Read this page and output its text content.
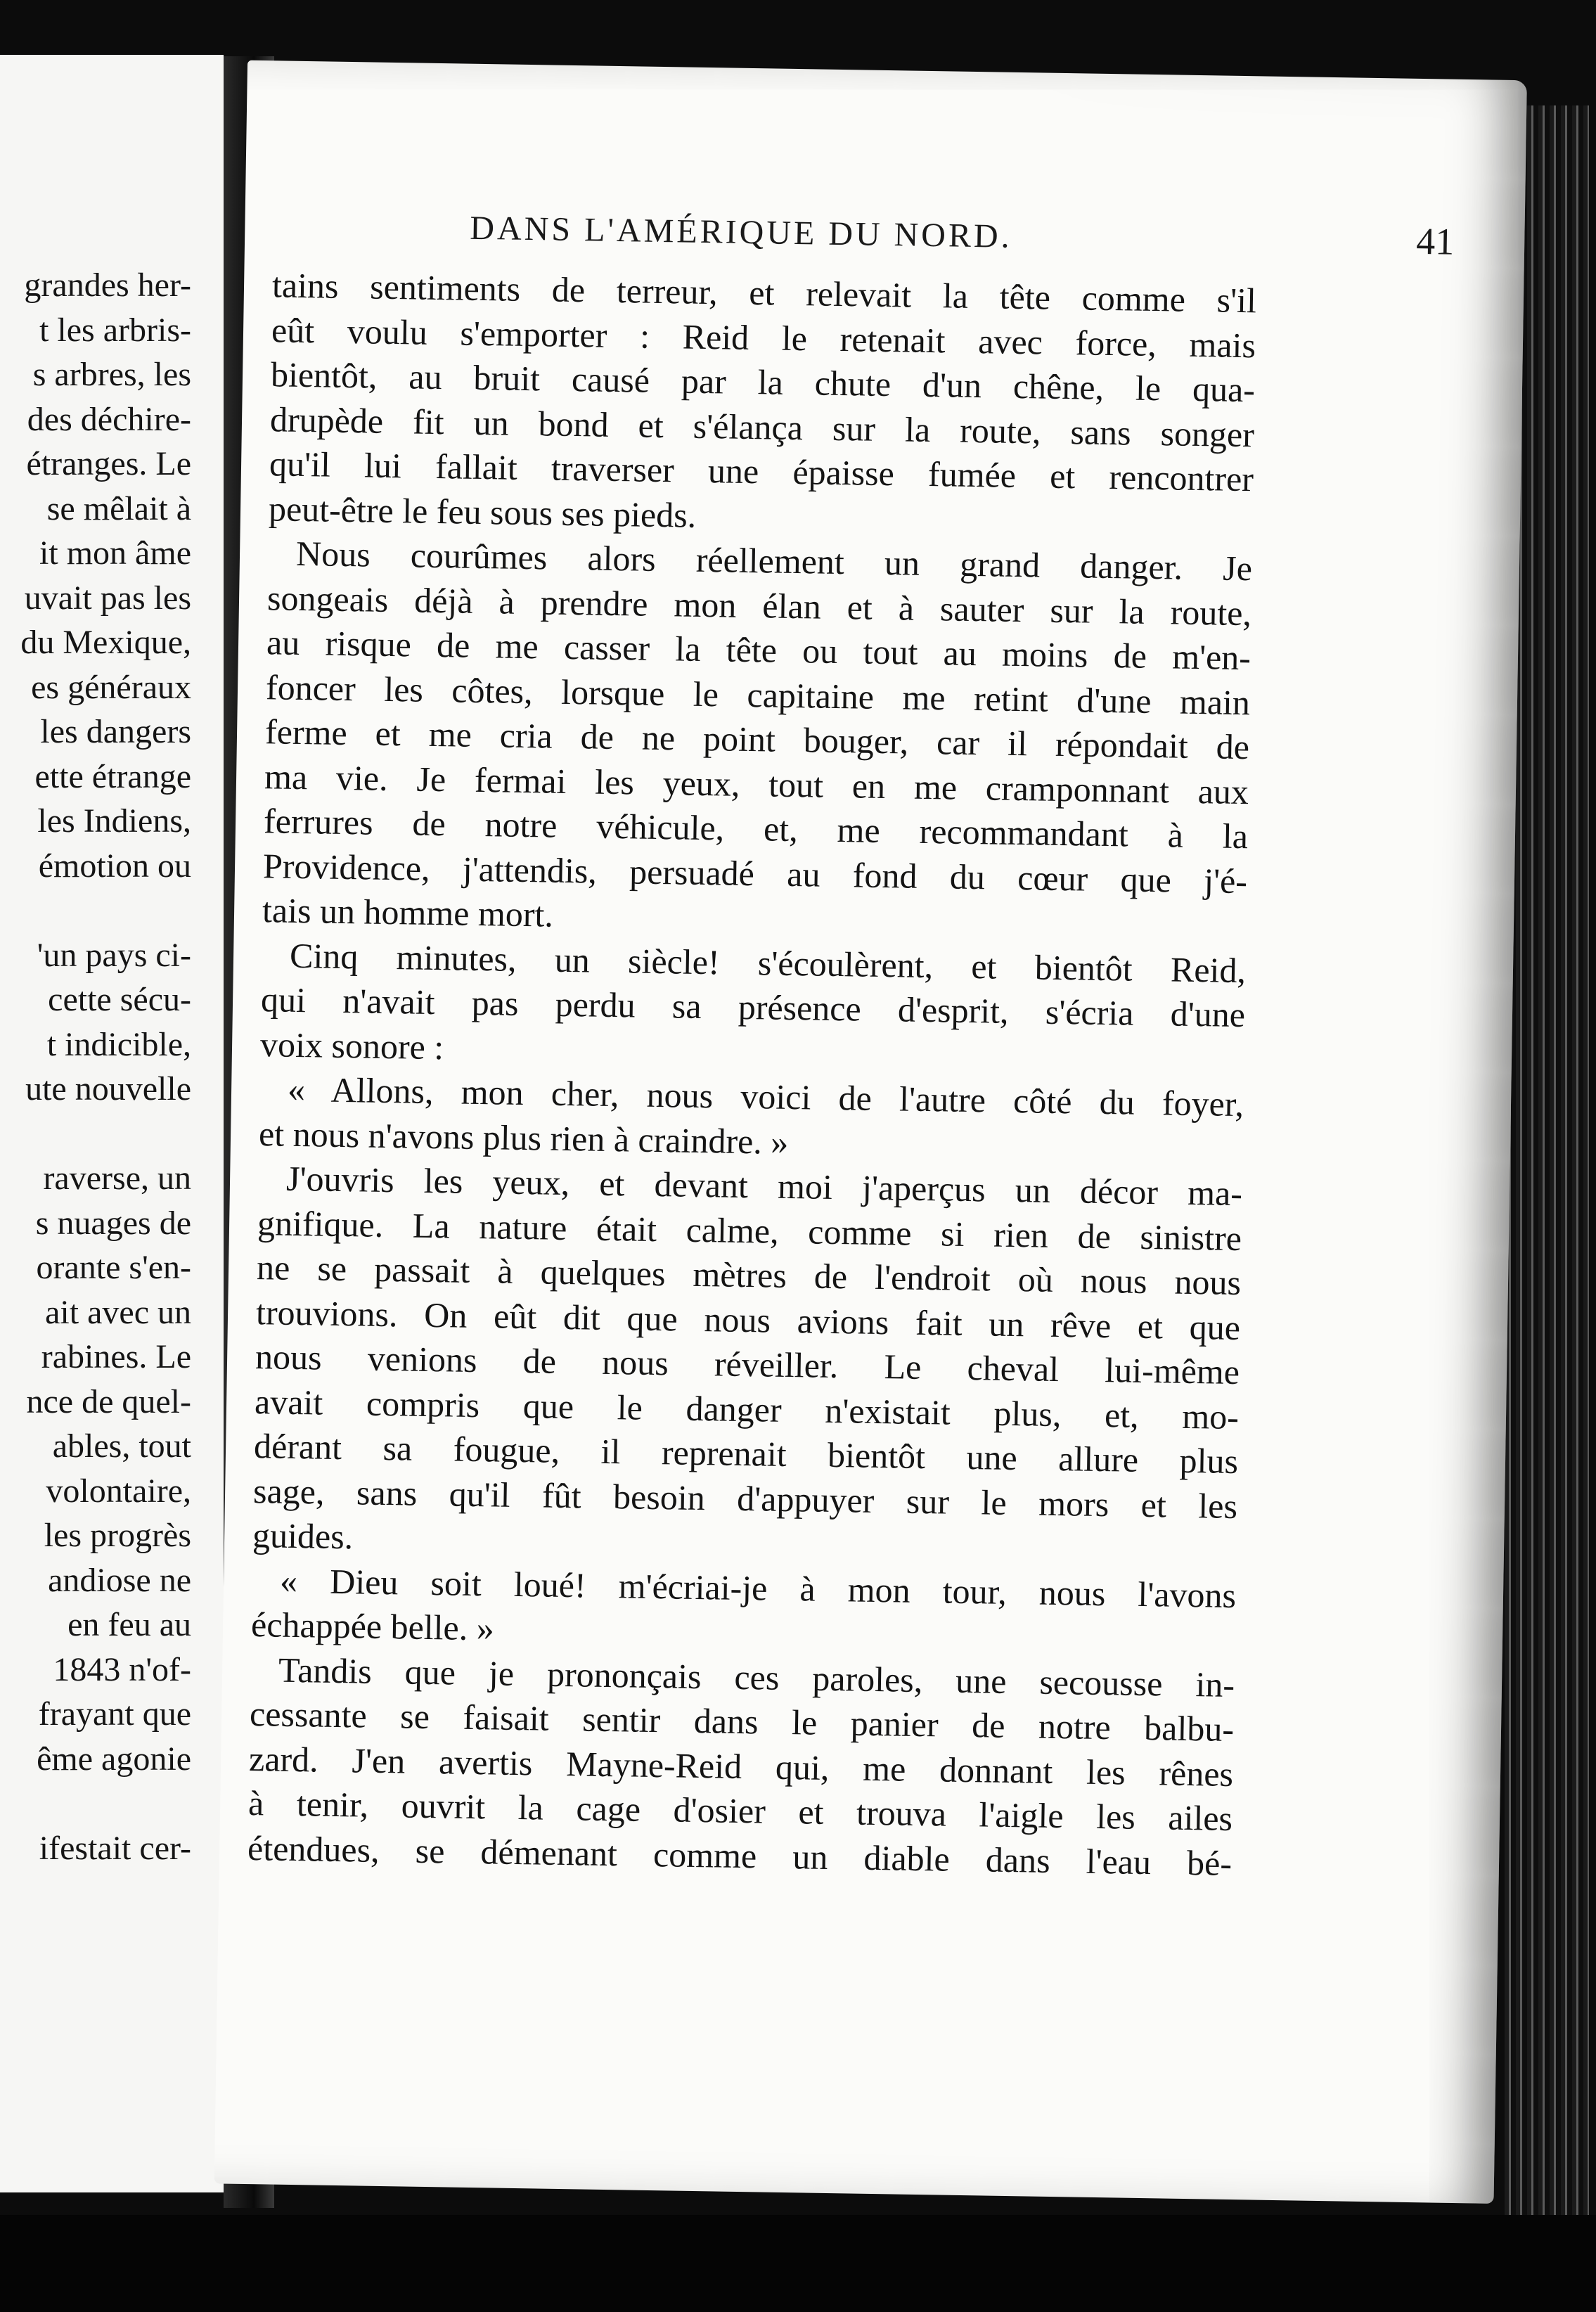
grandes her-
t les arbris-
s arbres, les
des déchire-
étranges. Le
se mêlait à
it mon âme
uvait pas les
du Mexique,
es généraux
les dangers
ette étrange
les Indiens,
émotion ou
'un pays ci-
cette sécu-
t indicible,
ute nouvelle
raverse, un
s nuages de
orante s'en-
ait avec un
rabines. Le
nce de quel-
ables, tout
volontaire,
les progrès
andiose ne
en feu au
1843 n'of-
frayant que
ême agonie
ifestait cer-
DANS L'AMÉRIQUE DU NORD.	41
tains sentiments de terreur, et relevait la tête comme s'il
eût voulu s'emporter : Reid le retenait avec force, mais
bientôt, au bruit causé par la chute d'un chêne, le qua-
drupède fit un bond et s'élança sur la route, sans songer
qu'il lui fallait traverser une épaisse fumée et rencontrer
peut-être le feu sous ses pieds.
Nous courûmes alors réellement un grand danger. Je
songeais déjà à prendre mon élan et à sauter sur la route,
au risque de me casser la tête ou tout au moins de m'en-
foncer les côtes, lorsque le capitaine me retint d'une main
ferme et me cria de ne point bouger, car il répondait de
ma vie. Je fermai les yeux, tout en me cramponnant aux
ferrures de notre véhicule, et, me recommandant à la
Providence, j'attendis, persuadé au fond du cœur que j'é-
tais un homme mort.
Cinq minutes, un siècle! s'écoulèrent, et bientôt Reid,
qui n'avait pas perdu sa présence d'esprit, s'écria d'une
voix sonore :
« Allons, mon cher, nous voici de l'autre côté du foyer,
et nous n'avons plus rien à craindre. »
J'ouvris les yeux, et devant moi j'aperçus un décor ma-
gnifique. La nature était calme, comme si rien de sinistre
ne se passait à quelques mètres de l'endroit où nous nous
trouvions. On eût dit que nous avions fait un rêve et que
nous venions de nous réveiller. Le cheval lui-même
avait compris que le danger n'existait plus, et, mo-
dérant sa fougue, il reprenait bientôt une allure plus
sage, sans qu'il fût besoin d'appuyer sur le mors et les
guides.
« Dieu soit loué! m'écriai-je à mon tour, nous l'avons
échappée belle. »
Tandis que je prononçais ces paroles, une secousse in-
cessante se faisait sentir dans le panier de notre balbu-
zard. J'en avertis Mayne-Reid qui, me donnant les rênes
à tenir, ouvrit la cage d'osier et trouva l'aigle les ailes
étendues, se démenant comme un diable dans l'eau bé-
